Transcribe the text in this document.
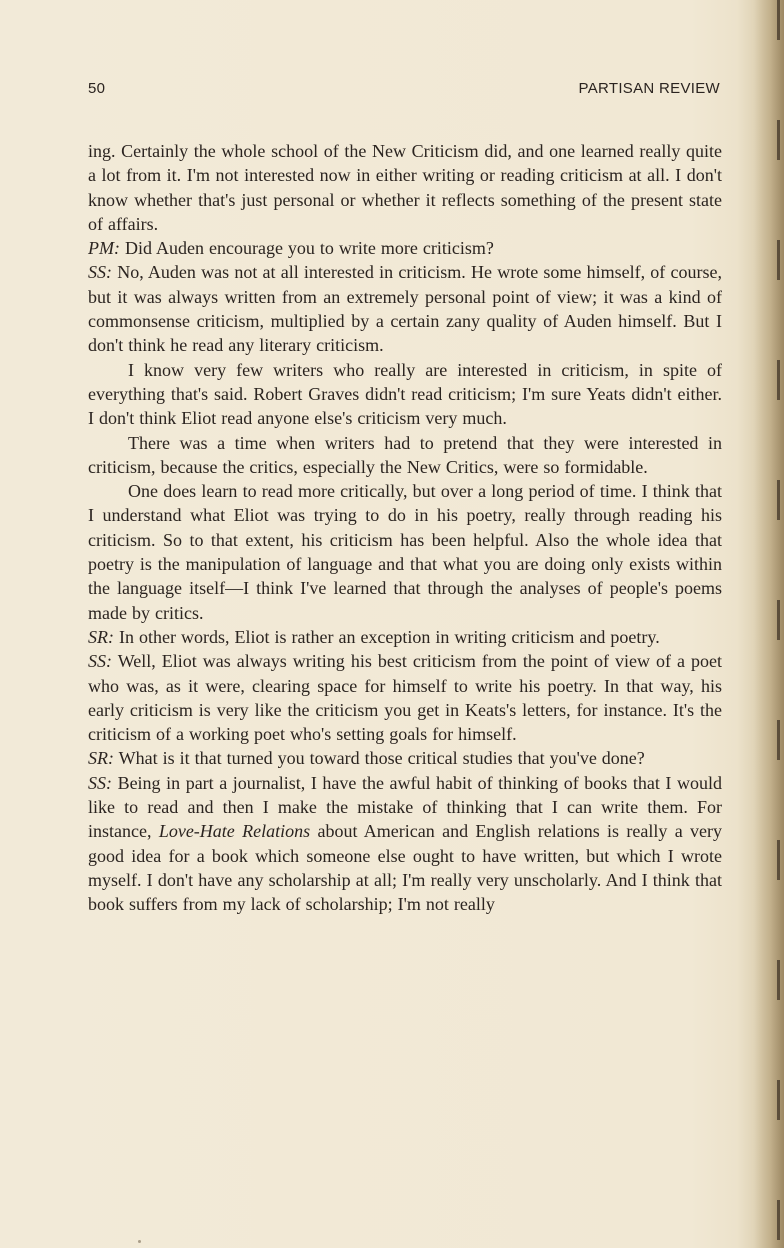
50	PARTISAN REVIEW

ing. Certainly the whole school of the New Criticism did, and one learned really quite a lot from it. I'm not interested now in either writing or reading criticism at all. I don't know whether that's just personal or whether it reflects something of the present state of affairs.

PM: Did Auden encourage you to write more criticism?

SS: No, Auden was not at all interested in criticism. He wrote some himself, of course, but it was always written from an extremely personal point of view; it was a kind of commonsense criticism, multiplied by a certain zany quality of Auden himself. But I don't think he read any literary criticism.

I know very few writers who really are interested in criticism, in spite of everything that's said. Robert Graves didn't read criticism; I'm sure Yeats didn't either. I don't think Eliot read anyone else's criticism very much.

There was a time when writers had to pretend that they were interested in criticism, because the critics, especially the New Critics, were so formidable.

One does learn to read more critically, but over a long period of time. I think that I understand what Eliot was trying to do in his poetry, really through reading his criticism. So to that extent, his criticism has been helpful. Also the whole idea that poetry is the manipulation of language and that what you are doing only exists within the language itself—I think I've learned that through the analyses of people's poems made by critics.

SR: In other words, Eliot is rather an exception in writing criticism and poetry.

SS: Well, Eliot was always writing his best criticism from the point of view of a poet who was, as it were, clearing space for himself to write his poetry. In that way, his early criticism is very like the criticism you get in Keats's letters, for instance. It's the criticism of a working poet who's setting goals for himself.

SR: What is it that turned you toward those critical studies that you've done?

SS: Being in part a journalist, I have the awful habit of thinking of books that I would like to read and then I make the mistake of thinking that I can write them. For instance, Love-Hate Relations about American and English relations is really a very good idea for a book which someone else ought to have written, but which I wrote myself. I don't have any scholarship at all; I'm really very unscholarly. And I think that book suffers from my lack of scholarship; I'm not really
